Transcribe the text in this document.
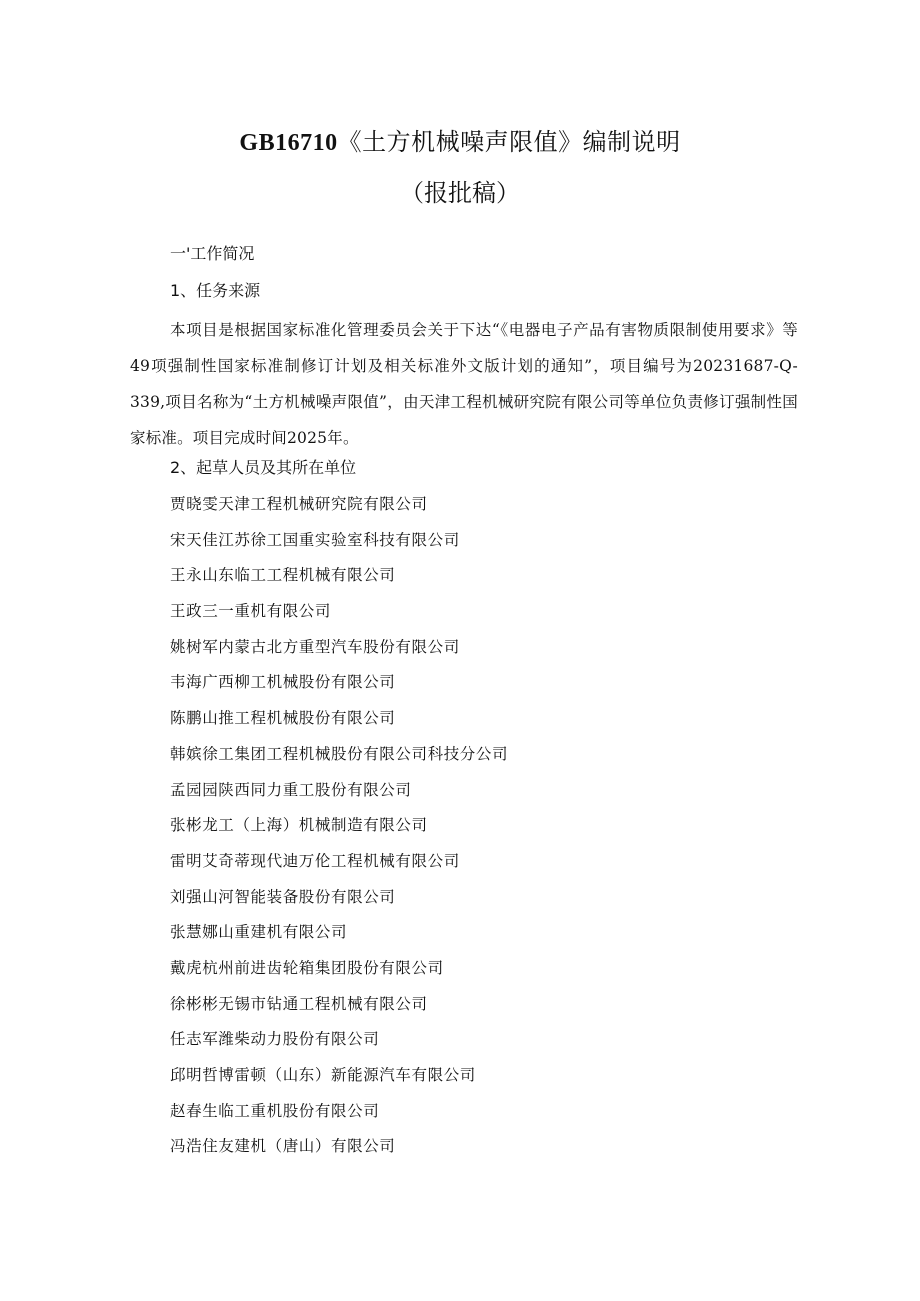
GB16710《土方机械噪声限值》编制说明
（报批稿）
一'工作简况
1、任务来源

本项目是根据国家标准化管理委员会关于下达“《电器电子产品有害物质限制使用要求》等49项强制性国家标准制修订计划及相关标准外文版计划的通知”，项目编号为20231687-Q-339,项目名称为“土方机械噪声限值”，由天津工程机械研究院有限公司等单位负责修订强制性国家标准。项目完成时间2025年。

2、起草人员及其所在单位
贾晓雯天津工程机械研究院有限公司
宋天佳江苏徐工国重实验室科技有限公司
王永山东临工工程机械有限公司
王政三一重机有限公司
姚树军内蒙古北方重型汽车股份有限公司
韦海广西柳工机械股份有限公司
陈鹏山推工程机械股份有限公司
韩嫔徐工集团工程机械股份有限公司科技分公司
孟园园陕西同力重工股份有限公司
张彬龙工（上海）机械制造有限公司
雷明艾奇蒂现代迪万伦工程机械有限公司
刘强山河智能装备股份有限公司
张慧娜山重建机有限公司
戴虎杭州前进齿轮箱集团股份有限公司
徐彬彬无锡市钻通工程机械有限公司
任志军潍柴动力股份有限公司
邱明哲博雷顿（山东）新能源汽车有限公司
赵春生临工重机股份有限公司
冯浩住友建机（唐山）有限公司
